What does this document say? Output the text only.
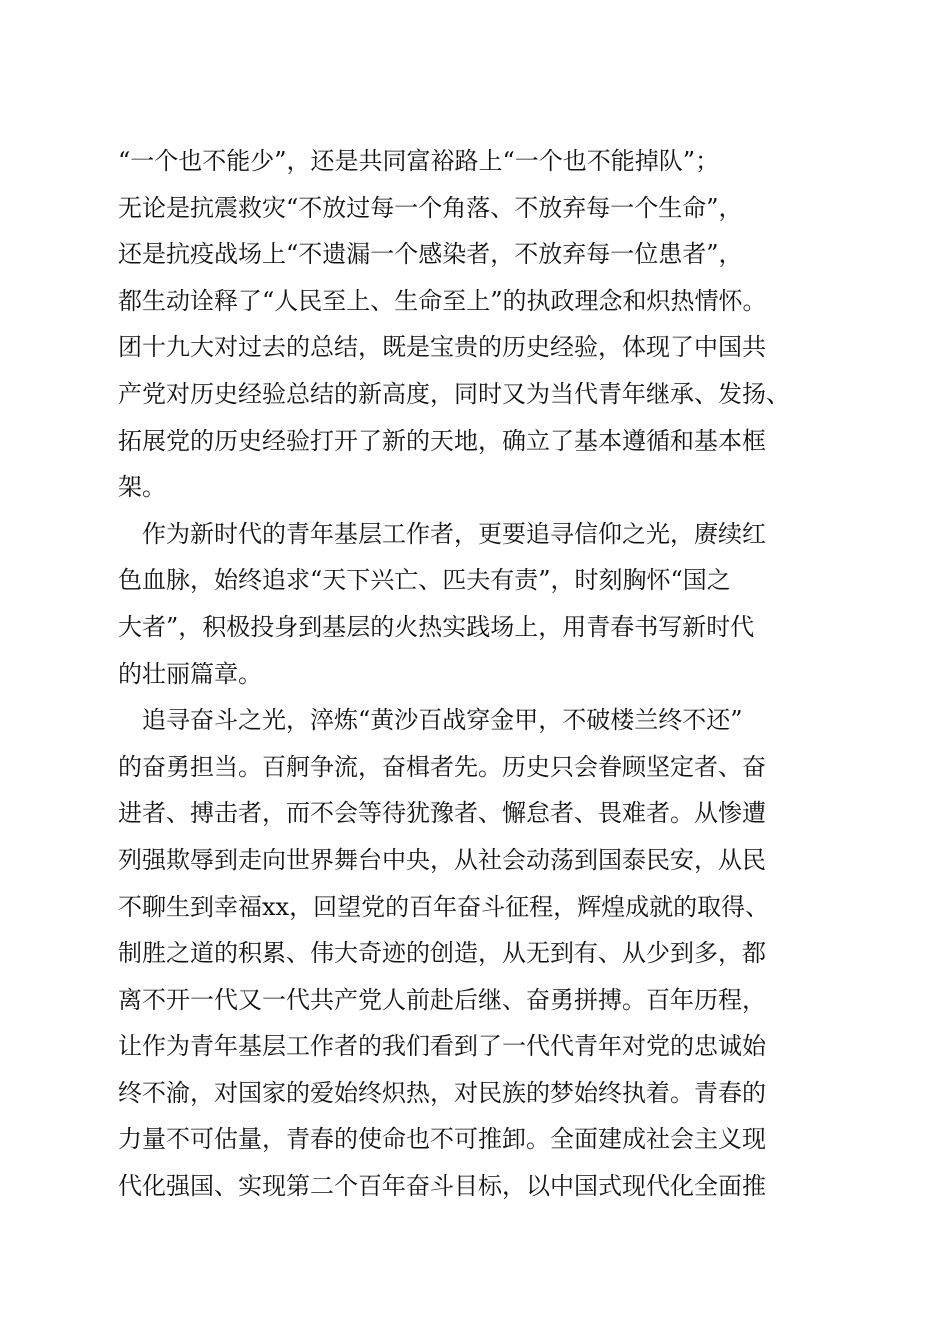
“一个也不能少”，还是共同富裕路上“一个也不能掉队”；
无论是抗震救灾“不放过每一个角落、不放弃每一个生命”，
还是抗疫战场上“不遗漏一个感染者，不放弃每一位患者”，
都生动诠释了“人民至上、生命至上”的执政理念和炽热情怀。
团十九大对过去的总结，既是宝贵的历史经验，体现了中国共
产党对历史经验总结的新高度，同时又为当代青年继承、发扬、
拓展党的历史经验打开了新的天地，确立了基本遵循和基本框
架。
　作为新时代的青年基层工作者，更要追寻信仰之光，赓续红
色血脉，始终追求“天下兴亡、匹夫有责”，时刻胸怀“国之
大者”，积极投身到基层的火热实践场上，用青春书写新时代
的壮丽篇章。
　追寻奋斗之光，淬炼“黄沙百战穿金甲，不破楼兰终不还”
的奋勇担当。百舸争流，奋楫者先。历史只会眷顾坚定者、奋
进者、搏击者，而不会等待犹豫者、懈怠者、畏难者。从惨遭
列强欺辱到走向世界舞台中央，从社会动荡到国泰民安，从民
不聊生到幸福xx，回望党的百年奋斗征程，辉煌成就的取得、
制胜之道的积累、伟大奇迹的创造，从无到有、从少到多，都
离不开一代又一代共产党人前赴后继、奋勇拼搏。百年历程，
让作为青年基层工作者的我们看到了一代代青年对党的忠诚始
终不渝，对国家的爱始终炽热，对民族的梦始终执着。青春的
力量不可估量，青春的使命也不可推卸。全面建成社会主义现
代化强国、实现第二个百年奋斗目标，以中国式现代化全面推
